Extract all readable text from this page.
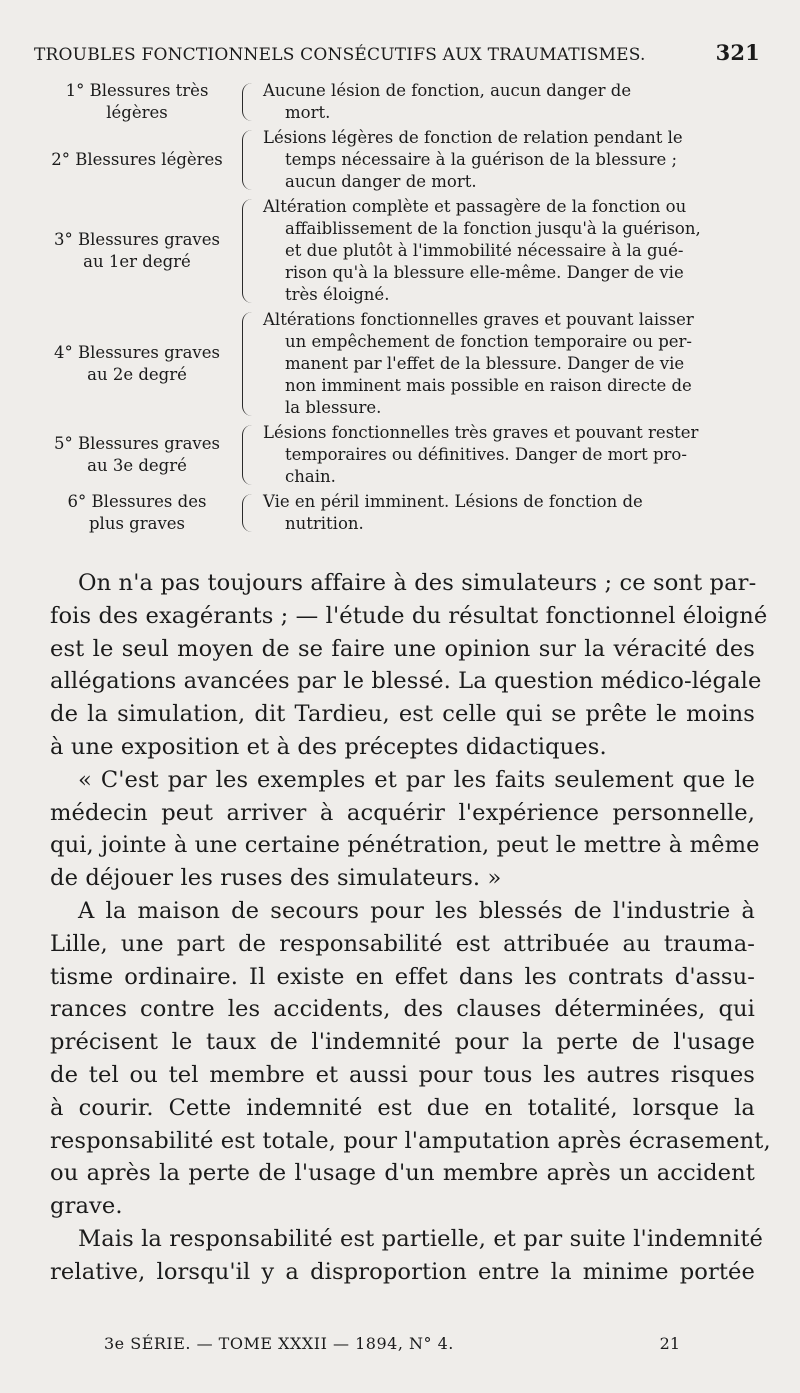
TROUBLES FONCTIONNELS CONSÉCUTIFS AUX TRAUMATISMES.	321
1° Blessures très
légères
Aucune lésion de fonction, aucun danger de
mort.
2° Blessures légères
Lésions légères de fonction de relation pendant le
temps nécessaire à la guérison de la blessure ;
aucun danger de mort.
3° Blessures graves
au 1er degré
Altération complète et passagère de la fonction ou
affaiblissement de la fonction jusqu'à la guérison,
et due plutôt à l'immobilité nécessaire à la gué-
rison qu'à la blessure elle-même. Danger de vie
très éloigné.
4° Blessures graves
au 2e degré
Altérations fonctionnelles graves et pouvant laisser
un empêchement de fonction temporaire ou per-
manent par l'effet de la blessure. Danger de vie
non imminent mais possible en raison directe de
la blessure.
5° Blessures graves
au 3e degré
Lésions fonctionnelles très graves et pouvant rester
temporaires ou définitives. Danger de mort pro-
chain.
6° Blessures des
plus graves
Vie en péril imminent. Lésions de fonction de
nutrition.

On n'a pas toujours affaire à des simulateurs ; ce sont par-
fois des exagérants ; — l'étude du résultat fonctionnel éloigné
est le seul moyen de se faire une opinion sur la véracité des
allégations avancées par le blessé. La question médico-légale
de la simulation, dit Tardieu, est celle qui se prête le moins
à une exposition et à des préceptes didactiques.

« C'est par les exemples et par les faits seulement que le
médecin peut arriver à acquérir l'expérience personnelle,
qui, jointe à une certaine pénétration, peut le mettre à même
de déjouer les ruses des simulateurs. »

A la maison de secours pour les blessés de l'industrie à
Lille, une part de responsabilité est attribuée au trauma-
tisme ordinaire. Il existe en effet dans les contrats d'assu-
rances contre les accidents, des clauses déterminées, qui
précisent le taux de l'indemnité pour la perte de l'usage
de tel ou tel membre et aussi pour tous les autres risques
à courir. Cette indemnité est due en totalité, lorsque la
responsabilité est totale, pour l'amputation après écrasement,
ou après la perte de l'usage d'un membre après un accident
grave.

Mais la responsabilité est partielle, et par suite l'indemnité
relative, lorsqu'il y a disproportion entre la minime portée

3e SÉRIE. — TOME XXXII — 1894, N° 4.	21
